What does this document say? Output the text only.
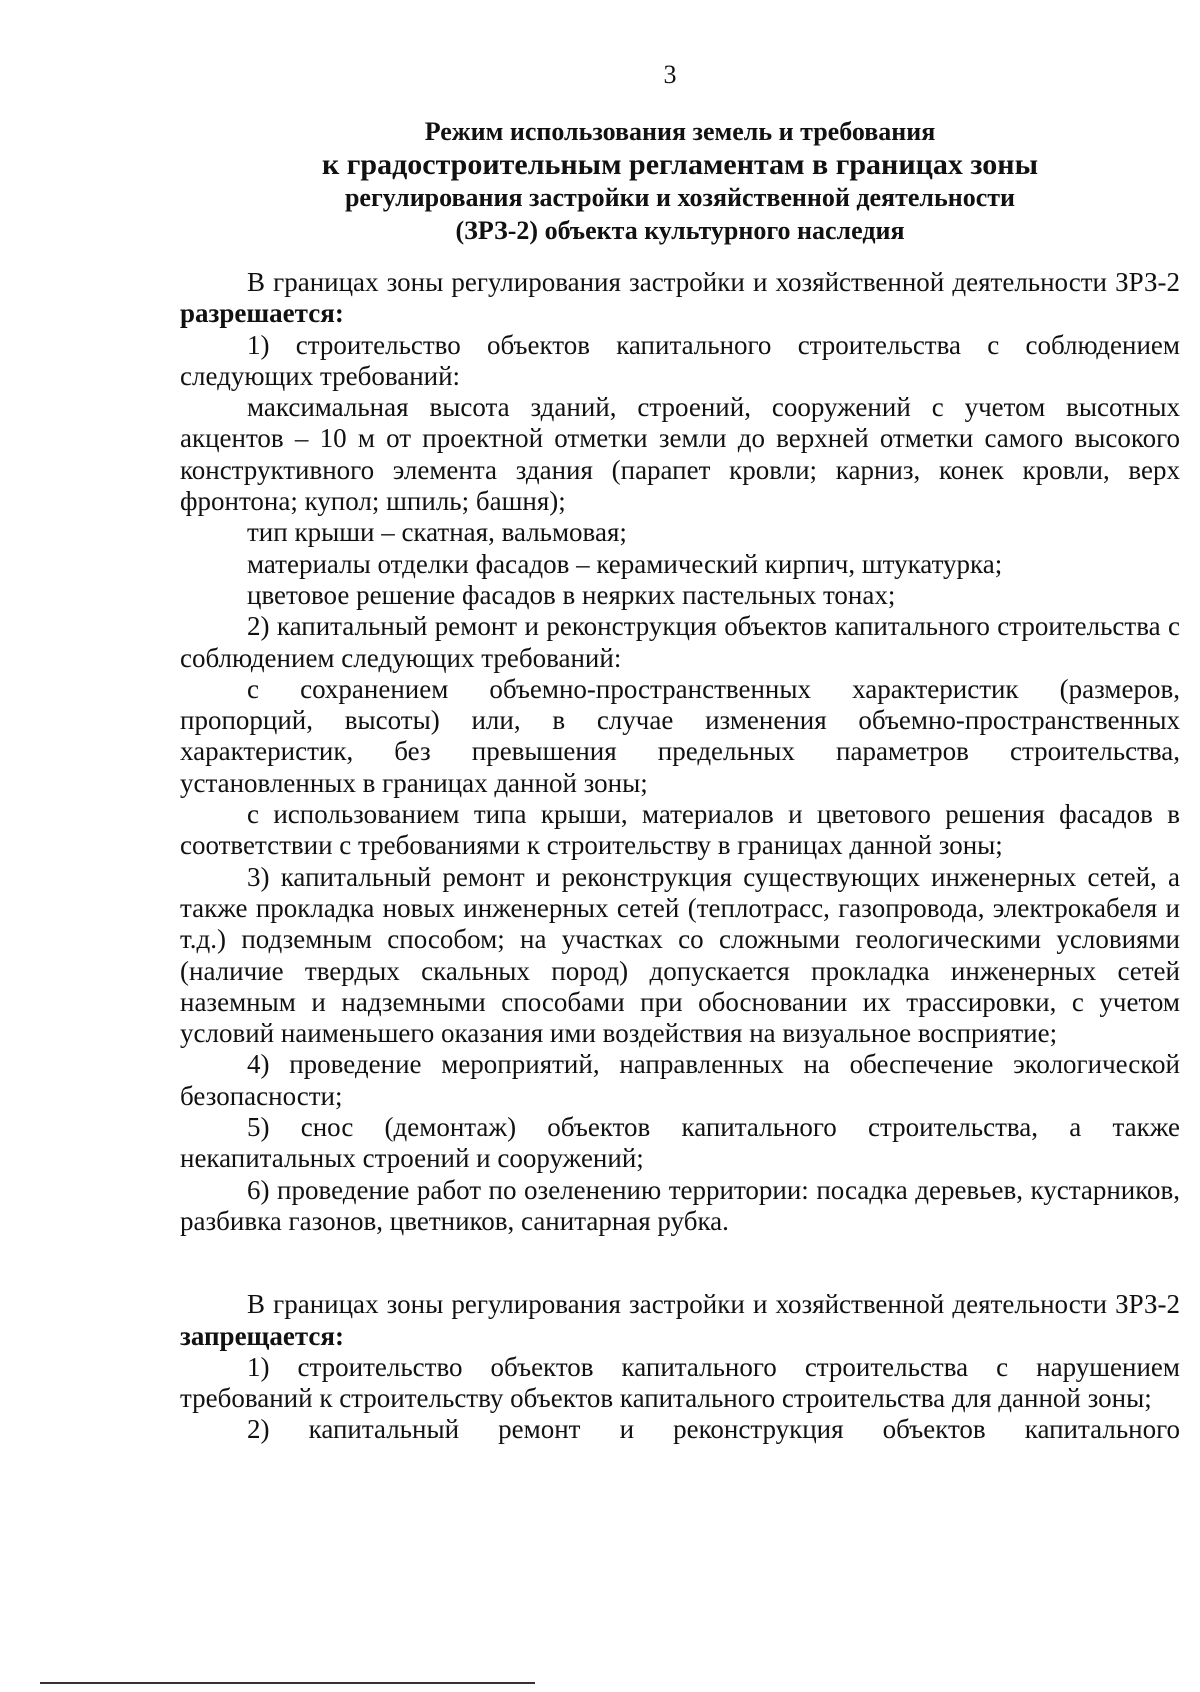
3
Режим использования земель и требования
к градостроительным регламентам в границах зоны
регулирования застройки и хозяйственной деятельности
(ЗРЗ-2) объекта культурного наследия

В границах зоны регулирования застройки и хозяйственной деятельности ЗРЗ-2 разрешается:

1) строительство объектов капитального строительства с соблюдением следующих требований:

максимальная высота зданий, строений, сооружений с учетом высотных акцентов – 10 м от проектной отметки земли до верхней отметки самого высокого конструктивного элемента здания (парапет кровли; карниз, конек кровли, верх фронтона; купол; шпиль; башня);

тип крыши – скатная, вальмовая;

материалы отделки фасадов – керамический кирпич, штукатурка;

цветовое решение фасадов в неярких пастельных тонах;

2) капитальный ремонт и реконструкция объектов капитального строительства с соблюдением следующих требований:

с сохранением объемно-пространственных характеристик (размеров, пропорций, высоты) или, в случае изменения объемно-пространственных характеристик, без превышения предельных параметров строительства, установленных в границах данной зоны;

с использованием типа крыши, материалов и цветового решения фасадов в соответствии с требованиями к строительству в границах данной зоны;

3) капитальный ремонт и реконструкция существующих инженерных сетей, а также прокладка новых инженерных сетей (теплотрасс, газопровода, электрокабеля и т.д.) подземным способом; на участках со сложными геологическими условиями (наличие твердых скальных пород) допускается прокладка инженерных сетей наземным и надземными способами при обосновании их трассировки, с учетом условий наименьшего оказания ими воздействия на визуальное восприятие;

4) проведение мероприятий, направленных на обеспечение экологической безопасности;

5) снос (демонтаж) объектов капитального строительства, а также некапитальных строений и сооружений;

6) проведение работ по озеленению территории: посадка деревьев, кустарников, разбивка газонов, цветников, санитарная рубка.

В границах зоны регулирования застройки и хозяйственной деятельности ЗРЗ-2 запрещается:

1) строительство объектов капитального строительства с нарушением требований к строительству объектов капитального строительства для данной зоны;

2) капитальный ремонт и реконструкция объектов капитального
